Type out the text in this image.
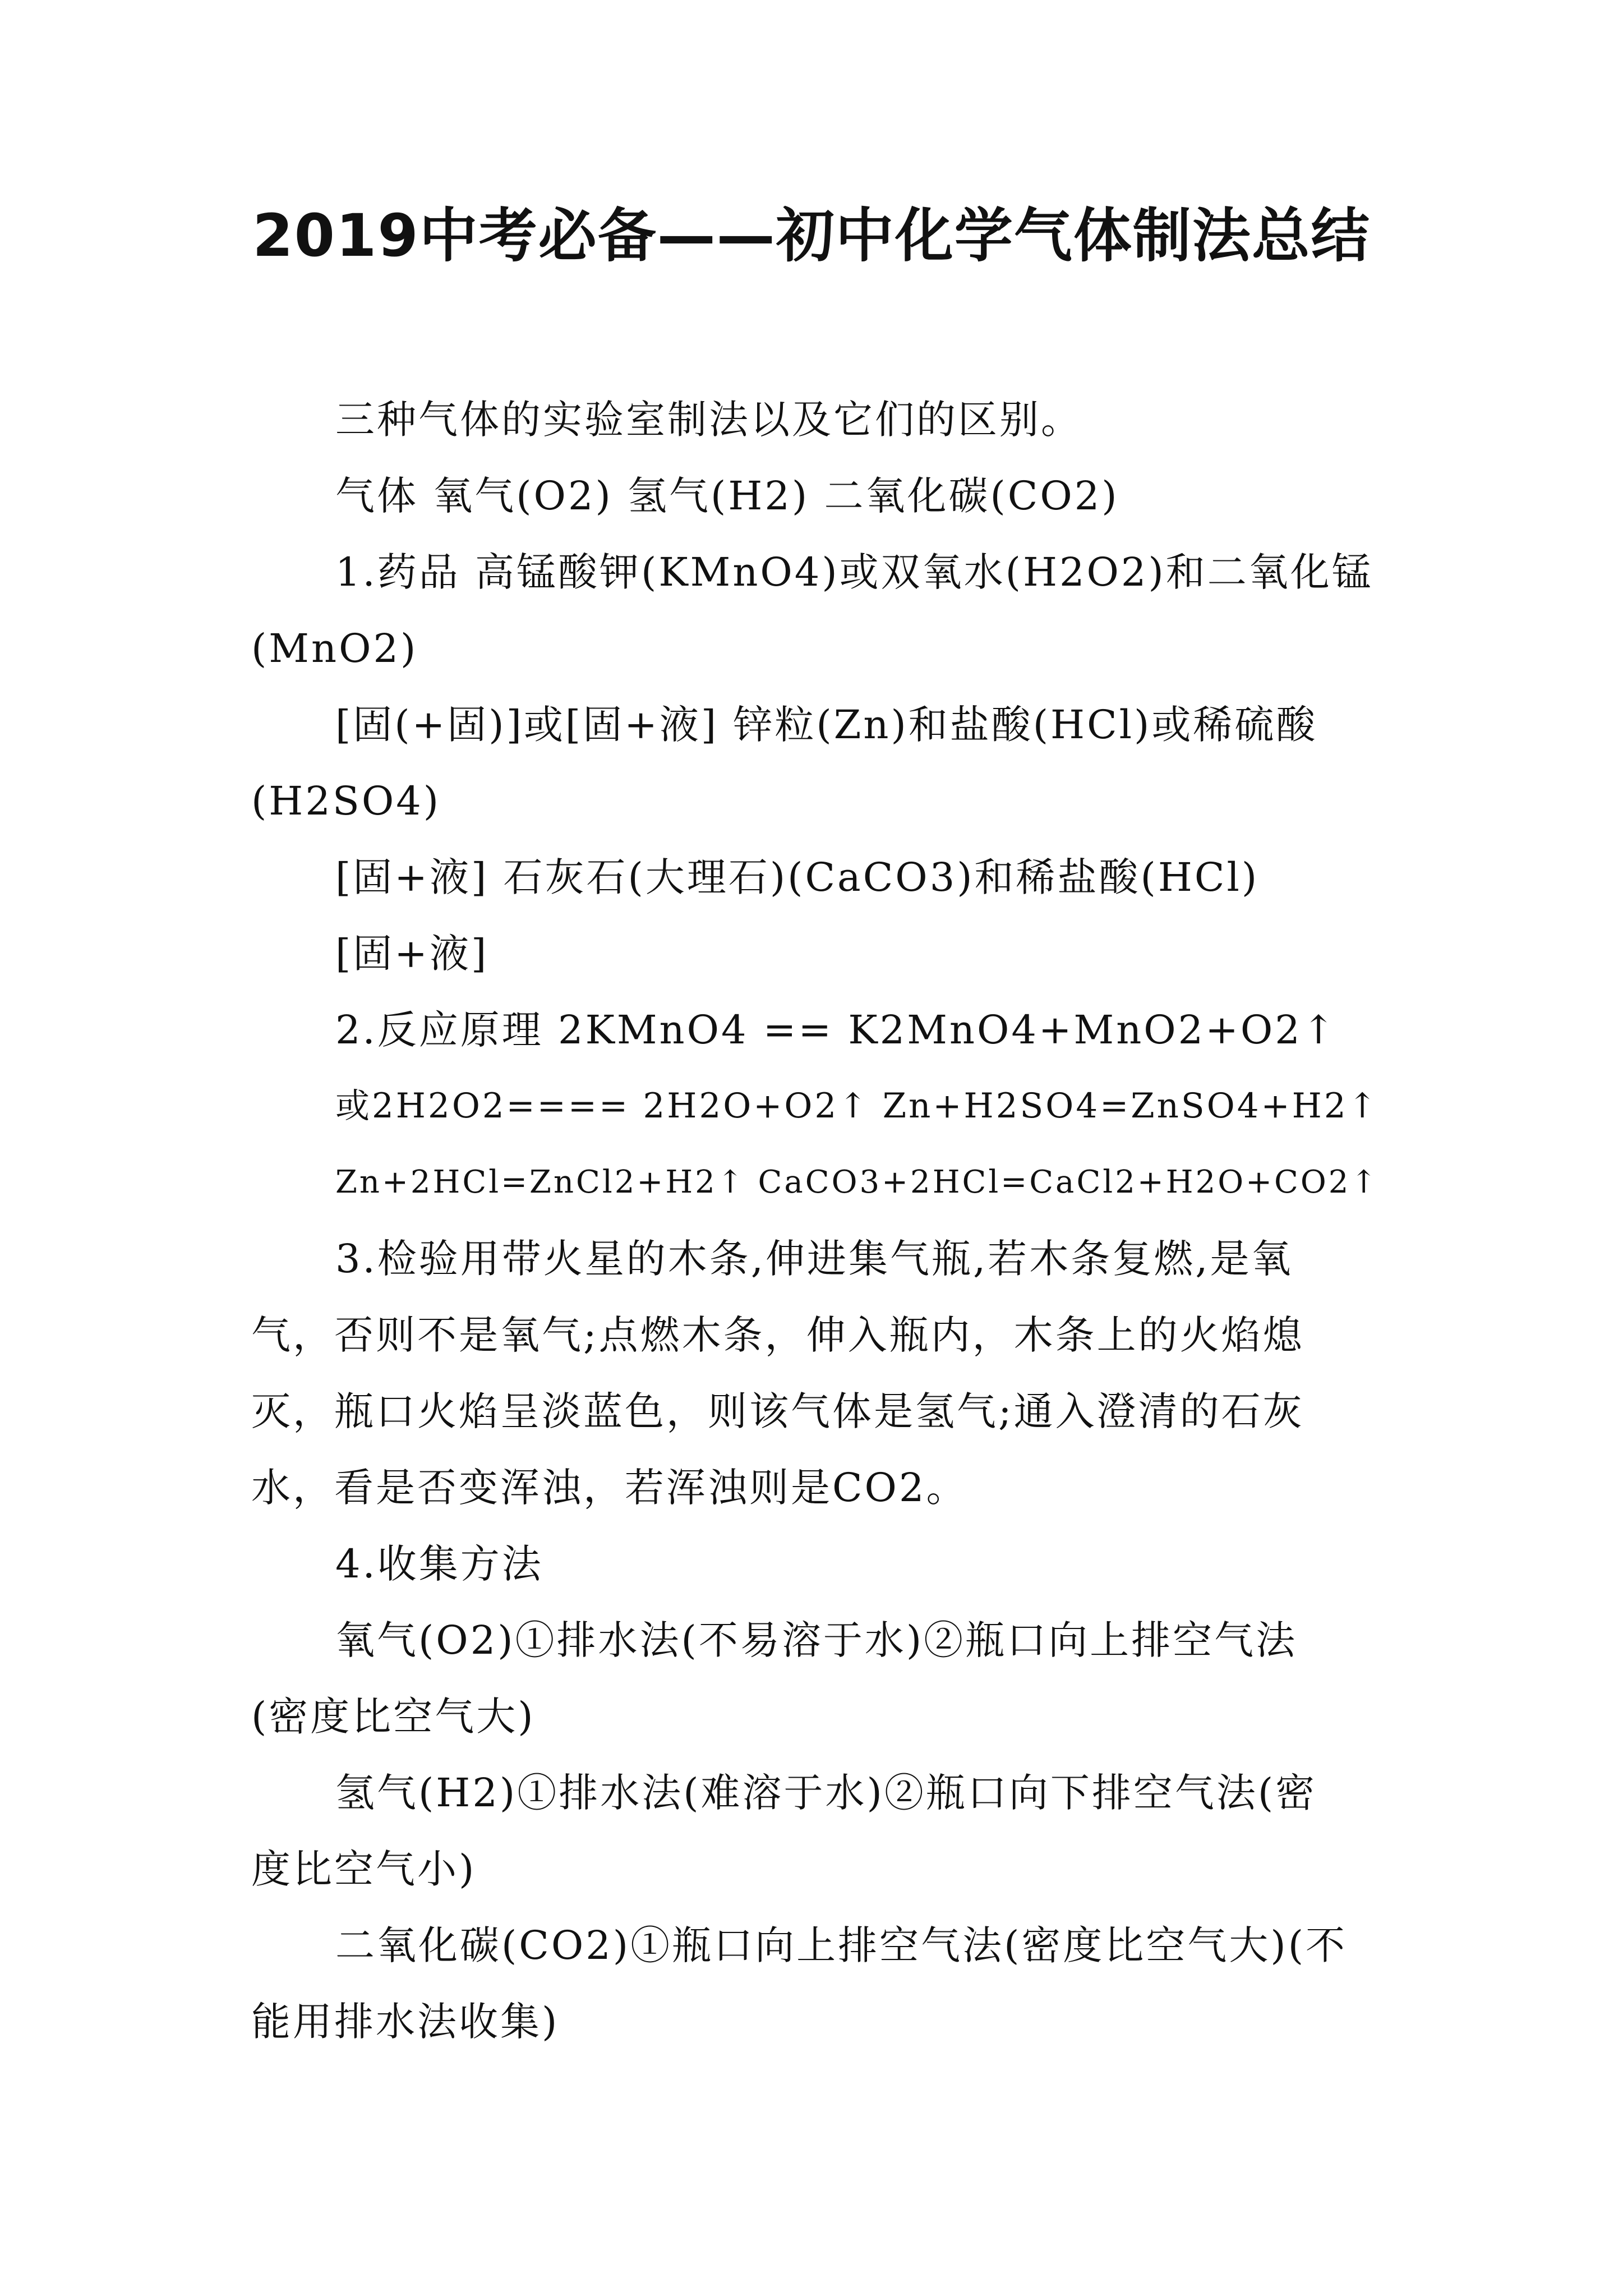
2019中考必备——初中化学气体制法总结
三种气体的实验室制法以及它们的区别。
气体 氧气(O2) 氢气(H2) 二氧化碳(CO2)
1.药品 高锰酸钾(KMnO4)或双氧水(H2O2)和二氧化锰
(MnO2)
[固(+固)]或[固+液] 锌粒(Zn)和盐酸(HCl)或稀硫酸
(H2SO4)
[固+液] 石灰石(大理石)(CaCO3)和稀盐酸(HCl)
[固+液]
2.反应原理 2KMnO4 == K2MnO4+MnO2+O2↑
或2H2O2==== 2H2O+O2↑ Zn+H2SO4=ZnSO4+H2↑
Zn+2HCl=ZnCl2+H2↑ CaCO3+2HCl=CaCl2+H2O+CO2↑
3.检验用带火星的木条,伸进集气瓶,若木条复燃,是氧
气，否则不是氧气;点燃木条，伸入瓶内，木条上的火焰熄
灭，瓶口火焰呈淡蓝色，则该气体是氢气;通入澄清的石灰
水，看是否变浑浊，若浑浊则是CO2。
4.收集方法
氧气(O2)①排水法(不易溶于水)②瓶口向上排空气法
(密度比空气大)
氢气(H2)①排水法(难溶于水)②瓶口向下排空气法(密
度比空气小)
二氧化碳(CO2)①瓶口向上排空气法(密度比空气大)(不
能用排水法收集)
